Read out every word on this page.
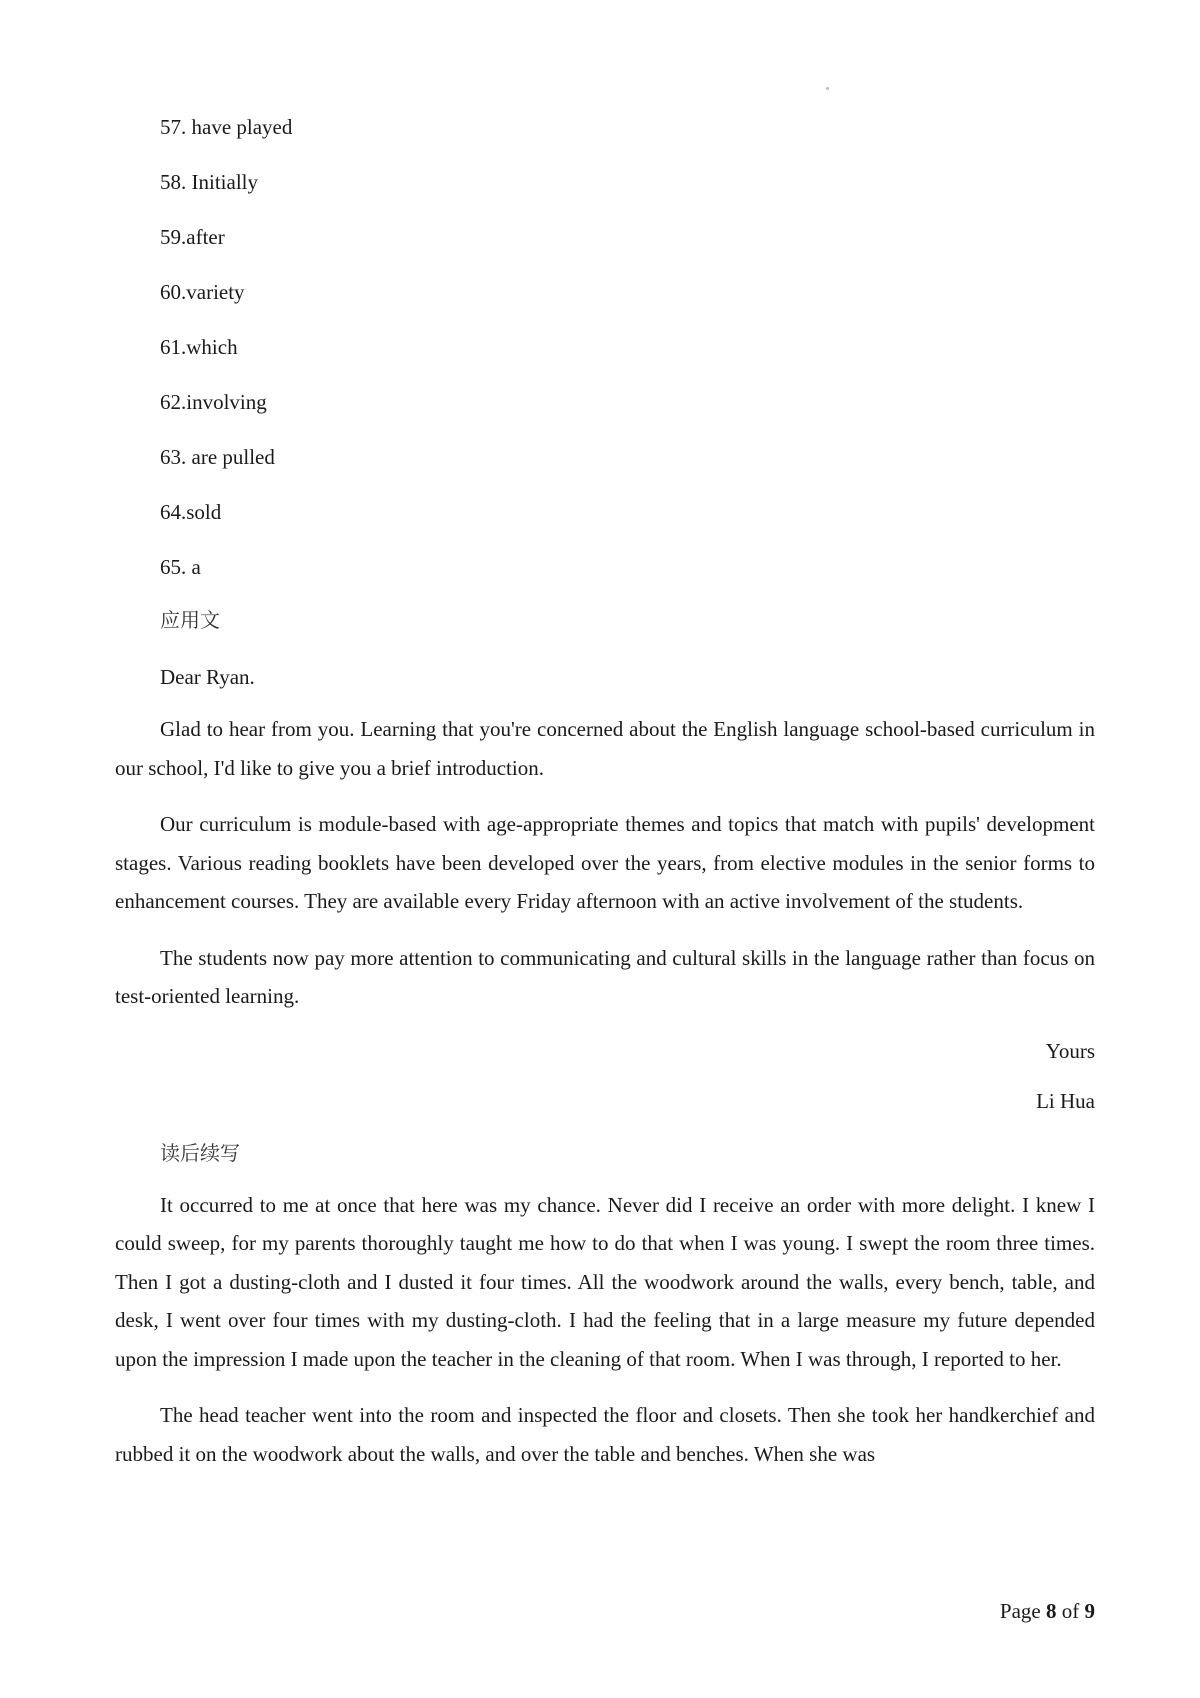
57. have played
58. Initially
59.after
60.variety
61.which
62.involving
63. are pulled
64.sold
65. a
应用文
Dear Ryan.

Glad to hear from you. Learning that you're concerned about the English language school-based curriculum in our school, I'd like to give you a brief introduction.

Our curriculum is module-based with age-appropriate themes and topics that match with pupils' development stages. Various reading booklets have been developed over the years, from elective modules in the senior forms to enhancement courses. They are available every Friday afternoon with an active involvement of the students.

The students now pay more attention to communicating and cultural skills in the language rather than focus on test-oriented learning.

Yours
Li Hua
读后续写

It occurred to me at once that here was my chance. Never did I receive an order with more delight. I knew I could sweep, for my parents thoroughly taught me how to do that when I was young. I swept the room three times. Then I got a dusting-cloth and I dusted it four times. All the woodwork around the walls, every bench, table, and desk, I went over four times with my dusting-cloth. I had the feeling that in a large measure my future depended upon the impression I made upon the teacher in the cleaning of that room. When I was through, I reported to her.

The head teacher went into the room and inspected the floor and closets. Then she took her handkerchief and rubbed it on the woodwork about the walls, and over the table and benches. When she was

Page 8 of 9
